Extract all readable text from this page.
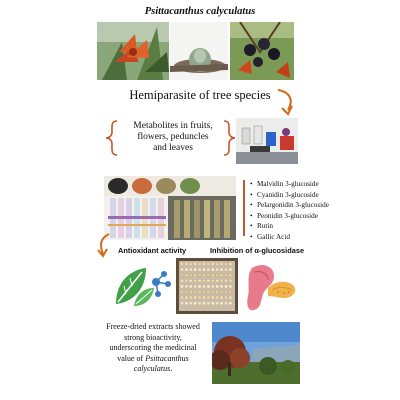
Psittacanthus calyculatus
Hemiparasite of tree species
Metabolites in fruits,
flowers, peduncles
and leaves
• Malvidin 3-glucoside
• Cyanidin 3-glucoside
• Pelargonidin 3-glucoside
• Peonidin 3-glucoside
• Rutin
• Gallic Acid
Antioxidant activity	Inhibition of α-glucosidase
Freeze-dried extracts showed
strong bioactivity,
underscoring the medicinal
value of Psittacanthus
calyculatus.
